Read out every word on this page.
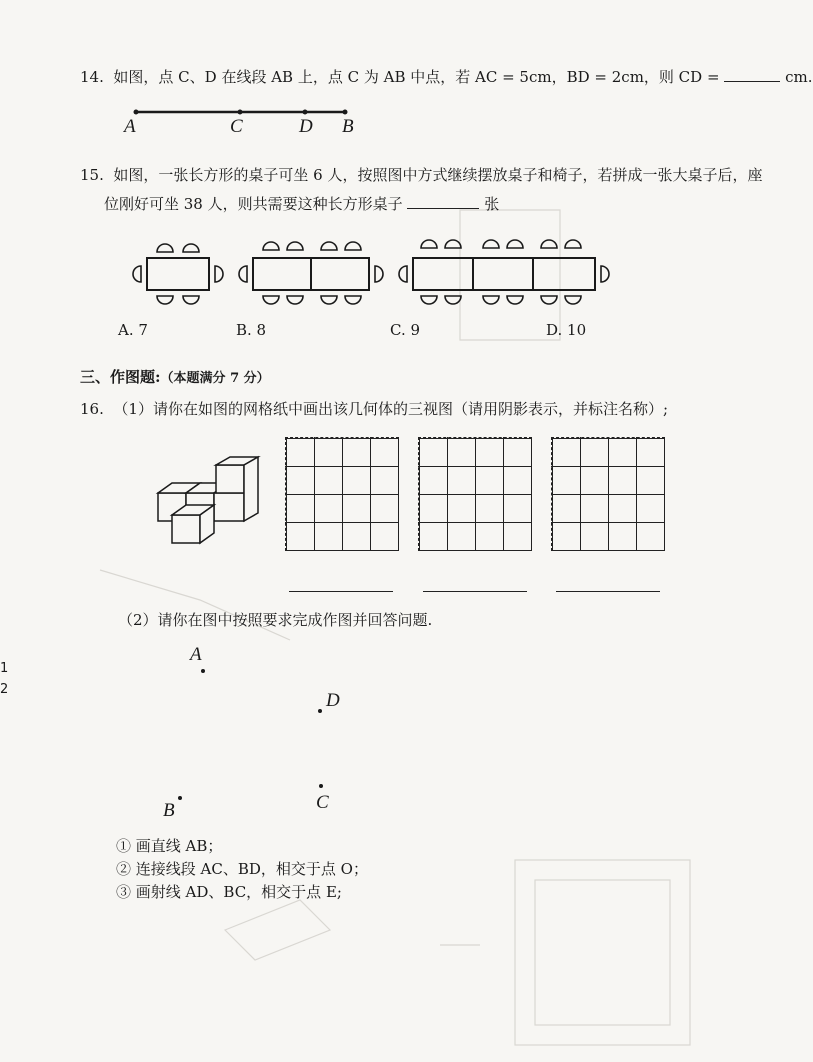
14. 如图，点 C、D 在线段 AB 上，点 C 为 AB 中点，若 AC = 5cm，BD = 2cm，则 CD =	cm.
A	C	D B
15. 如图，一张长方形的桌子可坐 6 人，按照图中方式继续摆放桌子和椅子，若拼成一张大桌子后，座
位刚好可坐 38 人，则共需要这种长方形桌子	张
A. 7	B. 8	C. 9	D. 10
三、作图题:（本题满分 7 分）
16. （1）请你在如图的网格纸中画出该几何体的三视图（请用阴影表示，并标注名称）;
（2）请你在图中按照要求完成作图并回答问题.
A
D
B	C
① 画直线 AB；
② 连接线段 AC、BD，相交于点 O；
③ 画射线 AD、BC，相交于点 E;
1
2
